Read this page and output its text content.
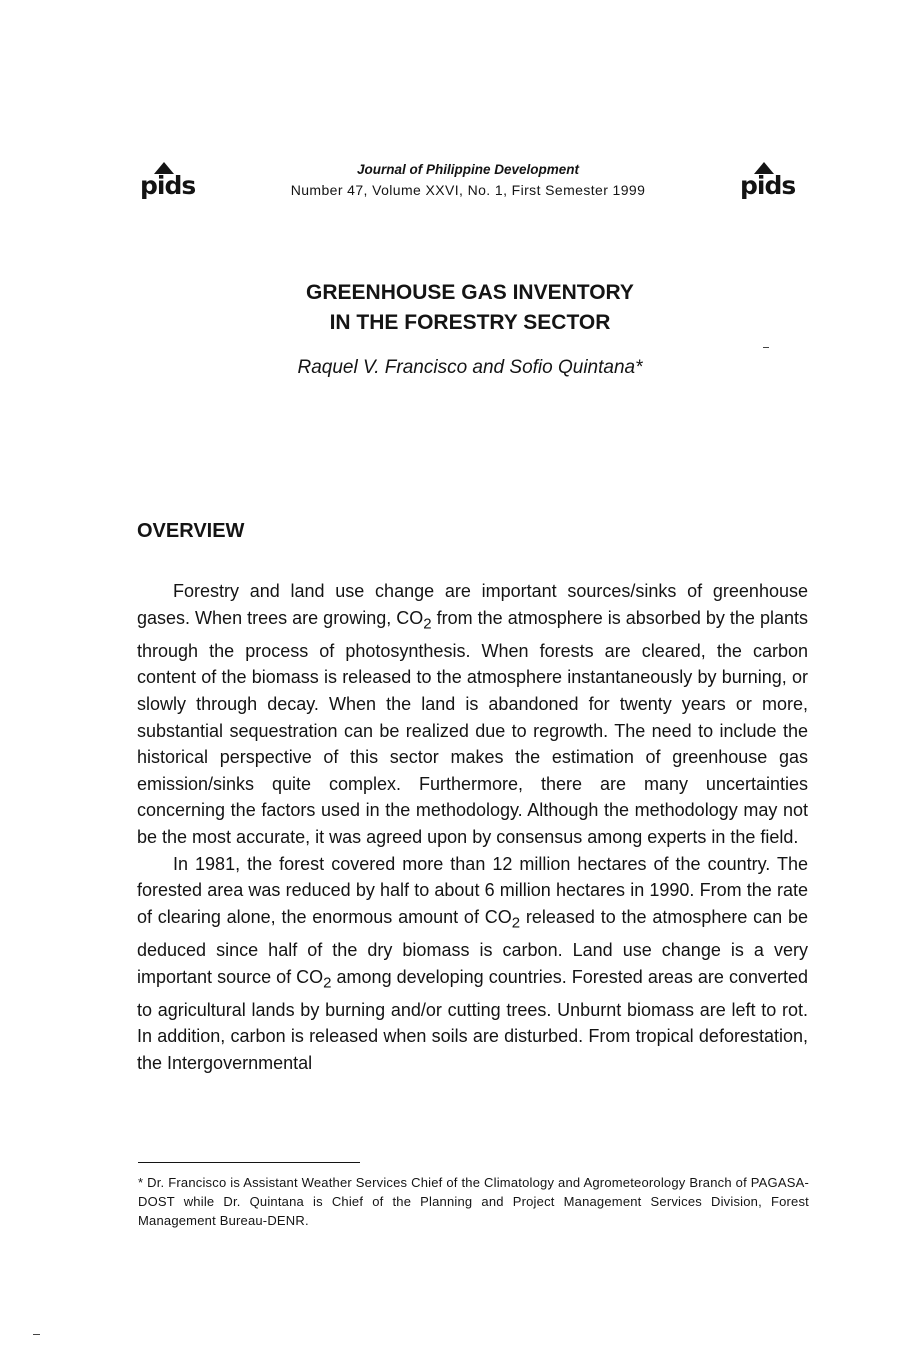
pids
Journal of Philippine Development
Number 47, Volume XXVI, No. 1, First Semester 1999	pids
GREENHOUSE GAS INVENTORY
IN THE FORESTRY SECTOR
Raquel V. Francisco and Sofio Quintana*
OVERVIEW

Forestry and land use change are important sources/sinks of greenhouse gases. When trees are growing, $CO_2$ from the atmosphere is absorbed by the plants through the process of photosynthesis. When forests are cleared, the carbon content of the biomass is released to the atmosphere instantaneously by burning, or slowly through decay. When the land is abandoned for twenty years or more, substantial sequestration can be realized due to regrowth. The need to include the historical perspective of this sector makes the estimation of greenhouse gas emission/sinks quite complex. Furthermore, there are many uncertainties concerning the factors used in the methodology. Although the methodology may not be the most accurate, it was agreed upon by consensus among experts in the field.

In 1981, the forest covered more than 12 million hectares of the country. The forested area was reduced by half to about 6 million hectares in 1990. From the rate of clearing alone, the enormous amount of $CO_2$ released to the atmosphere can be deduced since half of the dry biomass is carbon. Land use change is a very important source of $CO_2$ among developing countries. Forested areas are converted to agricultural lands by burning and/or cutting trees. Unburnt biomass are left to rot. In addition, carbon is released when soils are disturbed. From tropical deforestation, the Intergovernmental

* Dr. Francisco is Assistant Weather Services Chief of the Climatology and Agrometeorology Branch of PAGASA-DOST while Dr. Quintana is Chief of the Planning and Project Management Services Division, Forest Management Bureau-DENR.
